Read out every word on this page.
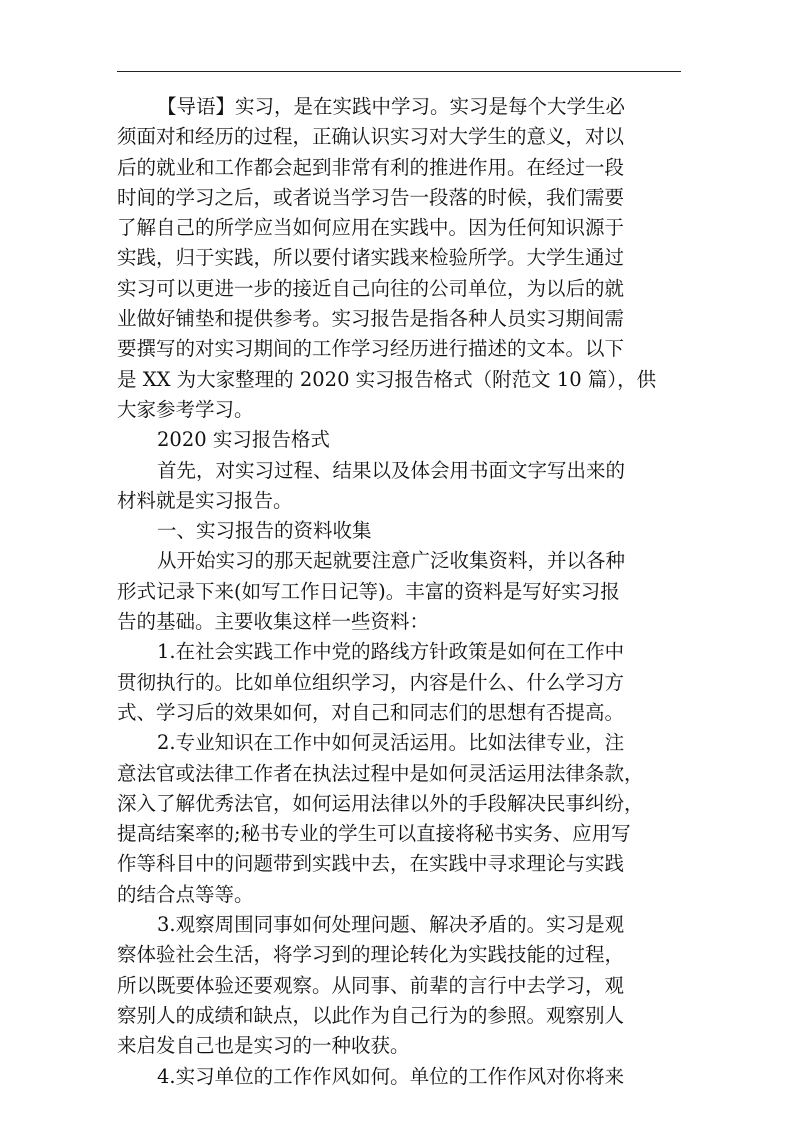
【导语】实习，是在实践中学习。实习是每个大学生必
须面对和经历的过程，正确认识实习对大学生的意义，对以
后的就业和工作都会起到非常有利的推进作用。在经过一段
时间的学习之后，或者说当学习告一段落的时候，我们需要
了解自己的所学应当如何应用在实践中。因为任何知识源于
实践，归于实践，所以要付诸实践来检验所学。大学生通过
实习可以更进一步的接近自己向往的公司单位，为以后的就
业做好铺垫和提供参考。实习报告是指各种人员实习期间需
要撰写的对实习期间的工作学习经历进行描述的文本。以下
是 XX 为大家整理的 2020 实习报告格式（附范文 10 篇），供
大家参考学习。
2020 实习报告格式
首先，对实习过程、结果以及体会用书面文字写出来的
材料就是实习报告。
一、实习报告的资料收集
从开始实习的那天起就要注意广泛收集资料，并以各种
形式记录下来(如写工作日记等)。丰富的资料是写好实习报
告的基础。主要收集这样一些资料：
1.在社会实践工作中党的路线方针政策是如何在工作中
贯彻执行的。比如单位组织学习，内容是什么、什么学习方
式、学习后的效果如何，对自己和同志们的思想有否提高。
2.专业知识在工作中如何灵活运用。比如法律专业，注
意法官或法律工作者在执法过程中是如何灵活运用法律条款，
深入了解优秀法官，如何运用法律以外的手段解决民事纠纷，
提高结案率的;秘书专业的学生可以直接将秘书实务、应用写
作等科目中的问题带到实践中去，在实践中寻求理论与实践
的结合点等等。
3.观察周围同事如何处理问题、解决矛盾的。实习是观
察体验社会生活，将学习到的理论转化为实践技能的过程，
所以既要体验还要观察。从同事、前辈的言行中去学习，观
察别人的成绩和缺点，以此作为自己行为的参照。观察别人
来启发自己也是实习的一种收获。
4.实习单位的工作作风如何。单位的工作作风对你将来
